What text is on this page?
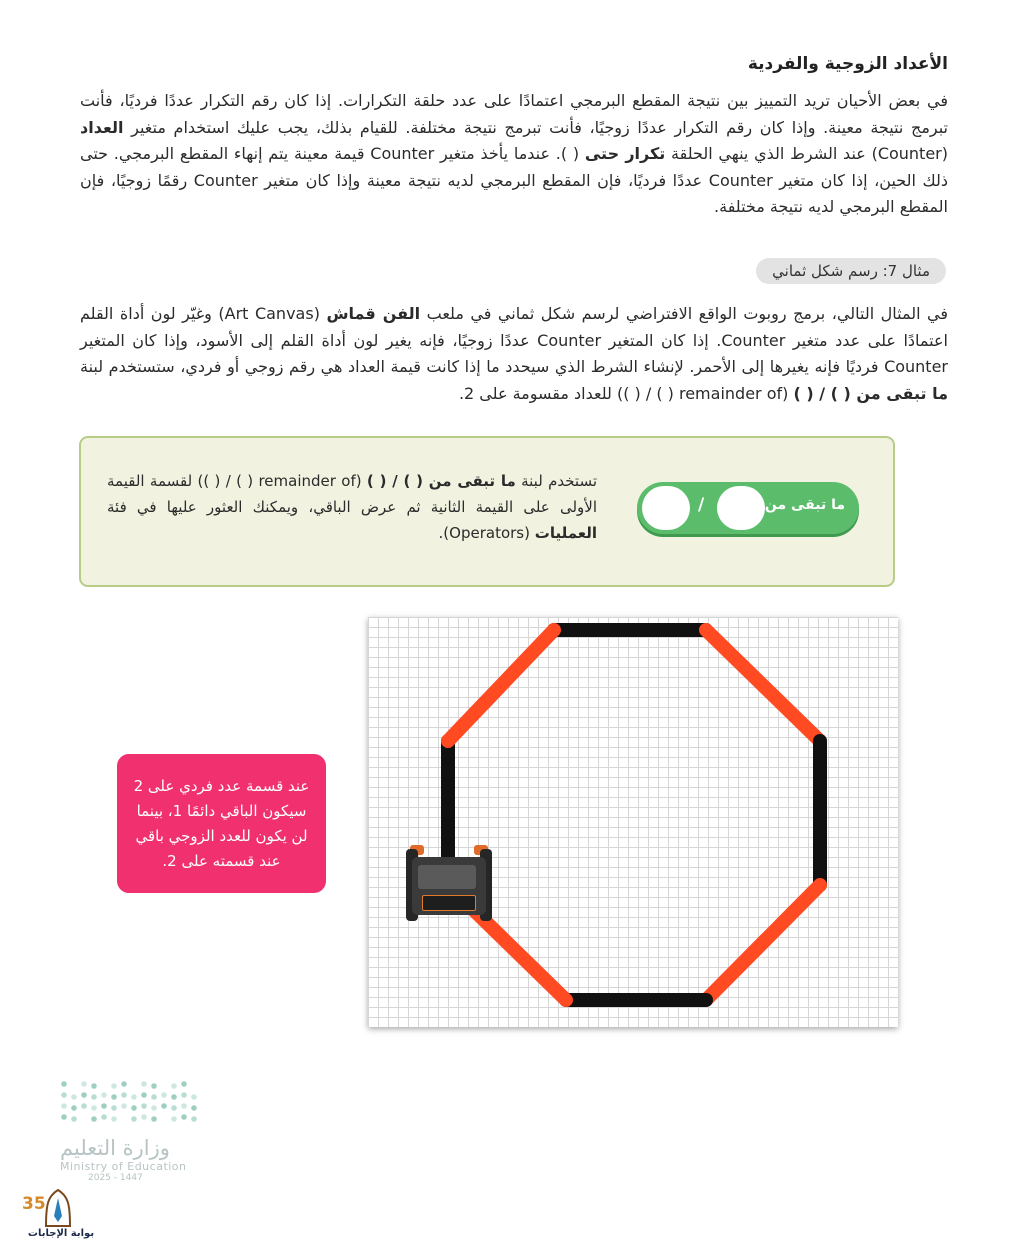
الأعداد الزوجية والفردية
في بعض الأحيان تريد التمييز بين نتيجة المقطع البرمجي اعتمادًا على عدد حلقة التكرارات. إذا كان رقم التكرار عددًا فرديًا، فأنت تبرمج نتيجة معينة. وإذا كان رقم التكرار عددًا زوجيًا، فأنت تبرمج نتيجة مختلفة. للقيام بذلك، يجب عليك استخدام متغير العداد (Counter) عند الشرط الذي ينهي الحلقة تكرار حتى ( ). عندما يأخذ متغير Counter قيمة معينة يتم إنهاء المقطع البرمجي. حتى ذلك الحين، إذا كان متغير Counter عددًا فرديًا، فإن المقطع البرمجي لديه نتيجة معينة وإذا كان متغير Counter رقمًا زوجيًا، فإن المقطع البرمجي لديه نتيجة مختلفة.
مثال 7: رسم شكل ثماني
في المثال التالي، برمج روبوت الواقع الافتراضي لرسم شكل ثماني في ملعب الفن قماش (Art Canvas) وغيّر لون أداة القلم اعتمادًا على عدد متغير Counter. إذا كان المتغير Counter عددًا زوجيًا، فإنه يغير لون أداة القلم إلى الأسود، وإذا كان المتغير Counter فرديًا فإنه يغيرها إلى الأحمر. لإنشاء الشرط الذي سيحدد ما إذا كانت قيمة العداد هي رقم زوجي أو فردي، ستستخدم لبنة ما تبقى من ( ) / ( ) (remainder of ( ) / ( )) للعداد مقسومة على 2.
/	ما تبقى من
تستخدم لبنة ما تبقى من ( ) / ( ) (remainder of ( ) / ( )) لقسمة القيمة الأولى على القيمة الثانية ثم عرض الباقي، ويمكنك العثور عليها في فئة العمليات (Operators).
عند قسمة عدد فردي على 2 سيكون الباقي دائمًا 1، بينما لن يكون للعدد الزوجي باقي عند قسمته على 2.
وزارة التعليم
Ministry of Education
2025 - 1447
35
بوابة الإجابات
